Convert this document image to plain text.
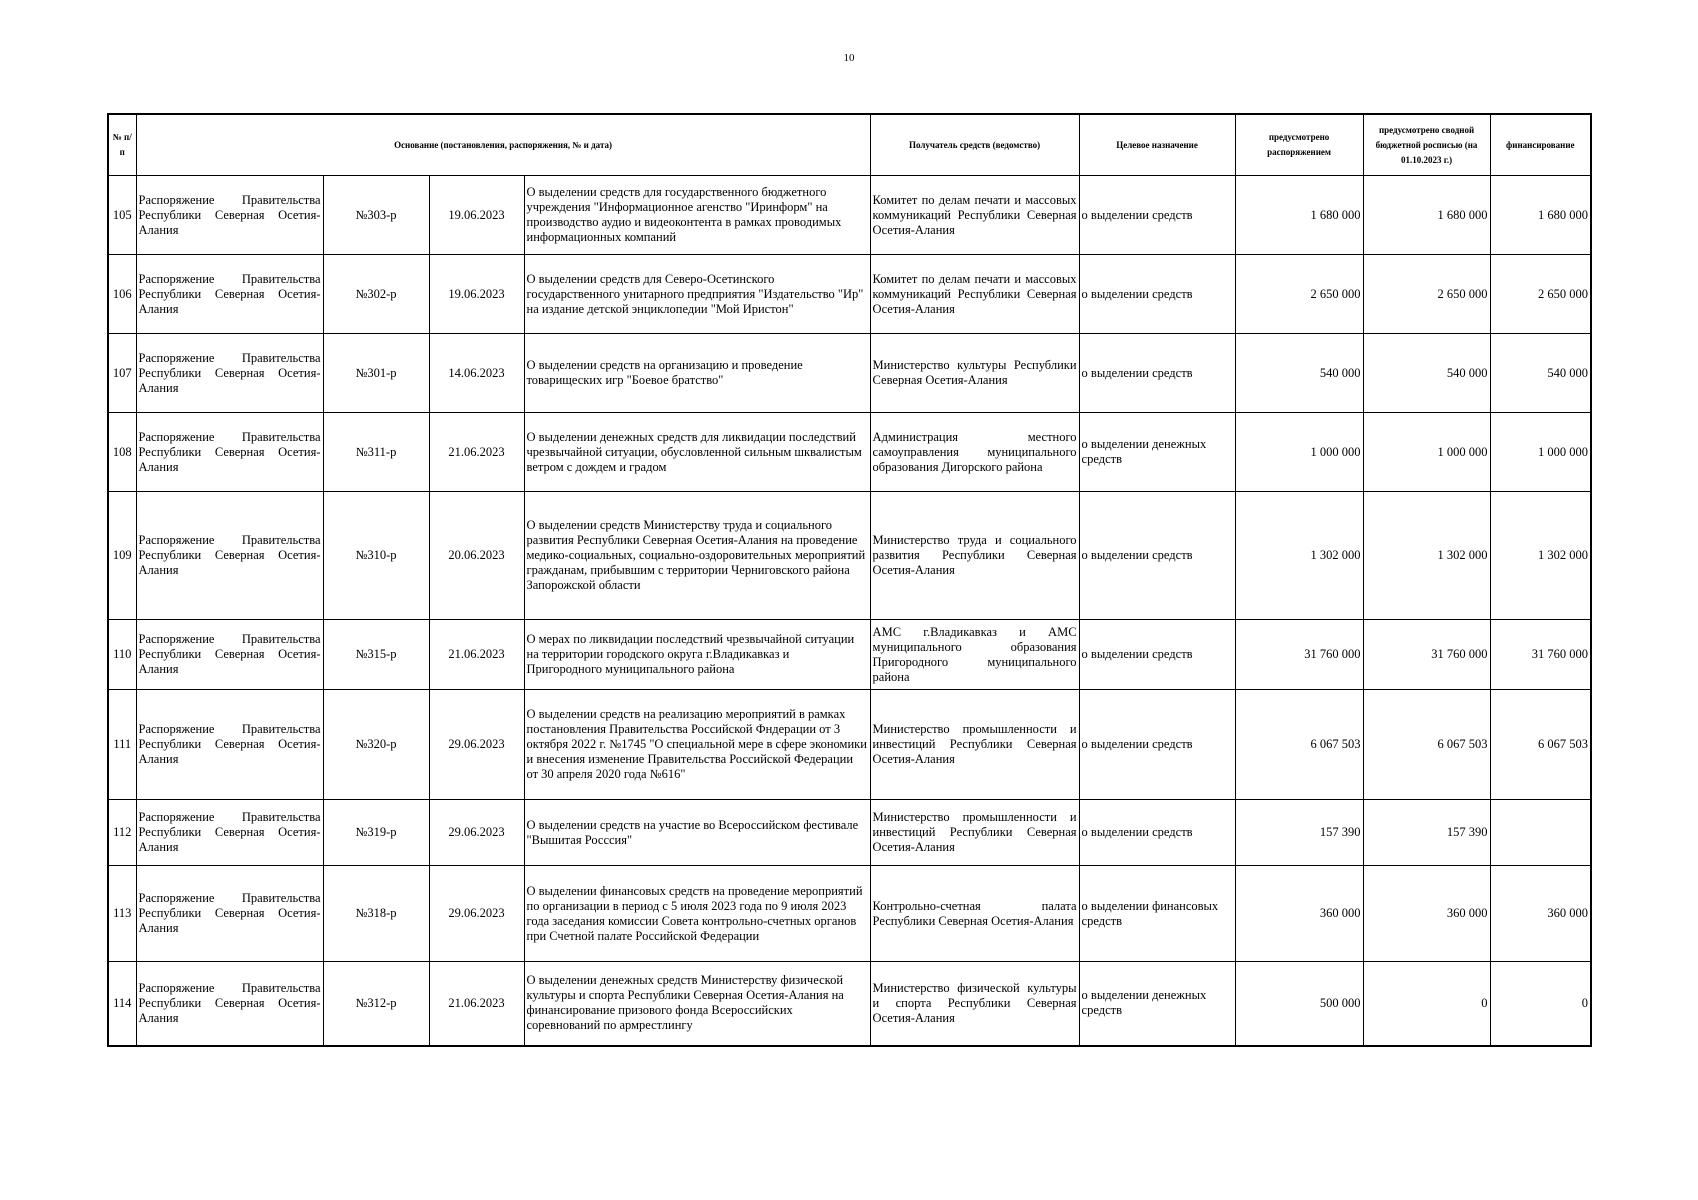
10
№ п/п	Основание (постановления, распоряжения, № и дата)				Получатель средств (ведомство)	Целевое назначение	предусмотрено распоряжением	предусмотрено сводной бюджетной росписью (на 01.10.2023 г.)	финансирование
105	Распоряжение Правительства Республики Северная Осетия-Алания	№303-р	19.06.2023	О выделении средств для государственного бюджетного учреждения "Информационное агенство "Иринформ" на производство аудио и видеоконтента в рамках проводимых информационных компаний	Комитет по делам печати и массовых коммуникаций Республики Северная Осетия-Алания	о выделении средств	1 680 000	1 680 000	1 680 000
106	Распоряжение Правительства Республики Северная Осетия-Алания	№302-р	19.06.2023	О выделении средств для Северо-Осетинского государственного унитарного предприятия "Издательство "Ир" на издание детской энциклопедии "Мой Иристон"	Комитет по делам печати и массовых коммуникаций Республики Северная Осетия-Алания	о выделении средств	2 650 000	2 650 000	2 650 000
107	Распоряжение Правительства Республики Северная Осетия-Алания	№301-р	14.06.2023	О выделении средств на организацию и проведение товарищеских игр "Боевое братство"	Министерство культуры Республики Северная Осетия-Алания	о выделении средств	540 000	540 000	540 000
108	Распоряжение Правительства Республики Северная Осетия-Алания	№311-р	21.06.2023	О выделении денежных средств для ликвидации последствий чрезвычайной ситуации, обусловленной сильным шквалистым ветром с дождем и градом	Администрация местного самоуправления муниципального образования Дигорского района	о выделении денежных средств	1 000 000	1 000 000	1 000 000
109	Распоряжение Правительства Республики Северная Осетия-Алания	№310-р	20.06.2023	О выделении средств Министерству труда и социального развития Республики Северная Осетия-Алания на проведение медико-социальных, социально-оздоровительных мероприятий гражданам, прибывшим с территории Черниговского района Запорожской области	Министерство труда и социального развития Республики Северная Осетия-Алания	о выделении средств	1 302 000	1 302 000	1 302 000
110	Распоряжение Правительства Республики Северная Осетия-Алания	№315-р	21.06.2023	О мерах по ликвидации последствий чрезвычайной ситуации на территории городского округа г.Владикавказ и Пригородного муниципального района	АМС г.Владикавказ и АМС муниципального образования Пригородного муниципального района	о выделении средств	31 760 000	31 760 000	31 760 000
111	Распоряжение Правительства Республики Северная Осетия-Алания	№320-р	29.06.2023	О выделении средств на реализацию мероприятий в рамках постановления Правительства Российской Фндерации от 3 октября 2022 г. №1745 "О специальной мере в сфере экономики и внесения изменение Правительства Российской Федерации от 30 апреля 2020 года №616"	Министерство промышленности и инвестиций Республики Северная Осетия-Алания	о выделении средств	6 067 503	6 067 503	6 067 503
112	Распоряжение Правительства Республики Северная Осетия-Алания	№319-р	29.06.2023	О выделении средств на участие во Всероссийском фестивале "Вышитая Росссия"	Министерство промышленности и инвестиций Республики Северная Осетия-Алания	о выделении средств	157 390	157 390	
113	Распоряжение Правительства Республики Северная Осетия-Алания	№318-р	29.06.2023	О выделении финансовых средств на проведение мероприятий по организации в период с 5 июля 2023 года по 9 июля 2023 года заседания комиссии Совета контрольно-счетных органов при Счетной палате Российской Федерации	Контрольно-счетная палата Республики Северная Осетия-Алания	о выделении финансовых средств	360 000	360 000	360 000
114	Распоряжение Правительства Республики Северная Осетия-Алания	№312-р	21.06.2023	О выделении денежных средств Министерству физической культуры и спорта Республики Северная Осетия-Алания на финансирование призового фонда Всероссийских соревнований по армрестлингу	Министерство физической культуры и спорта Республики Северная Осетия-Алания	о выделении денежных средств	500 000	0	0
